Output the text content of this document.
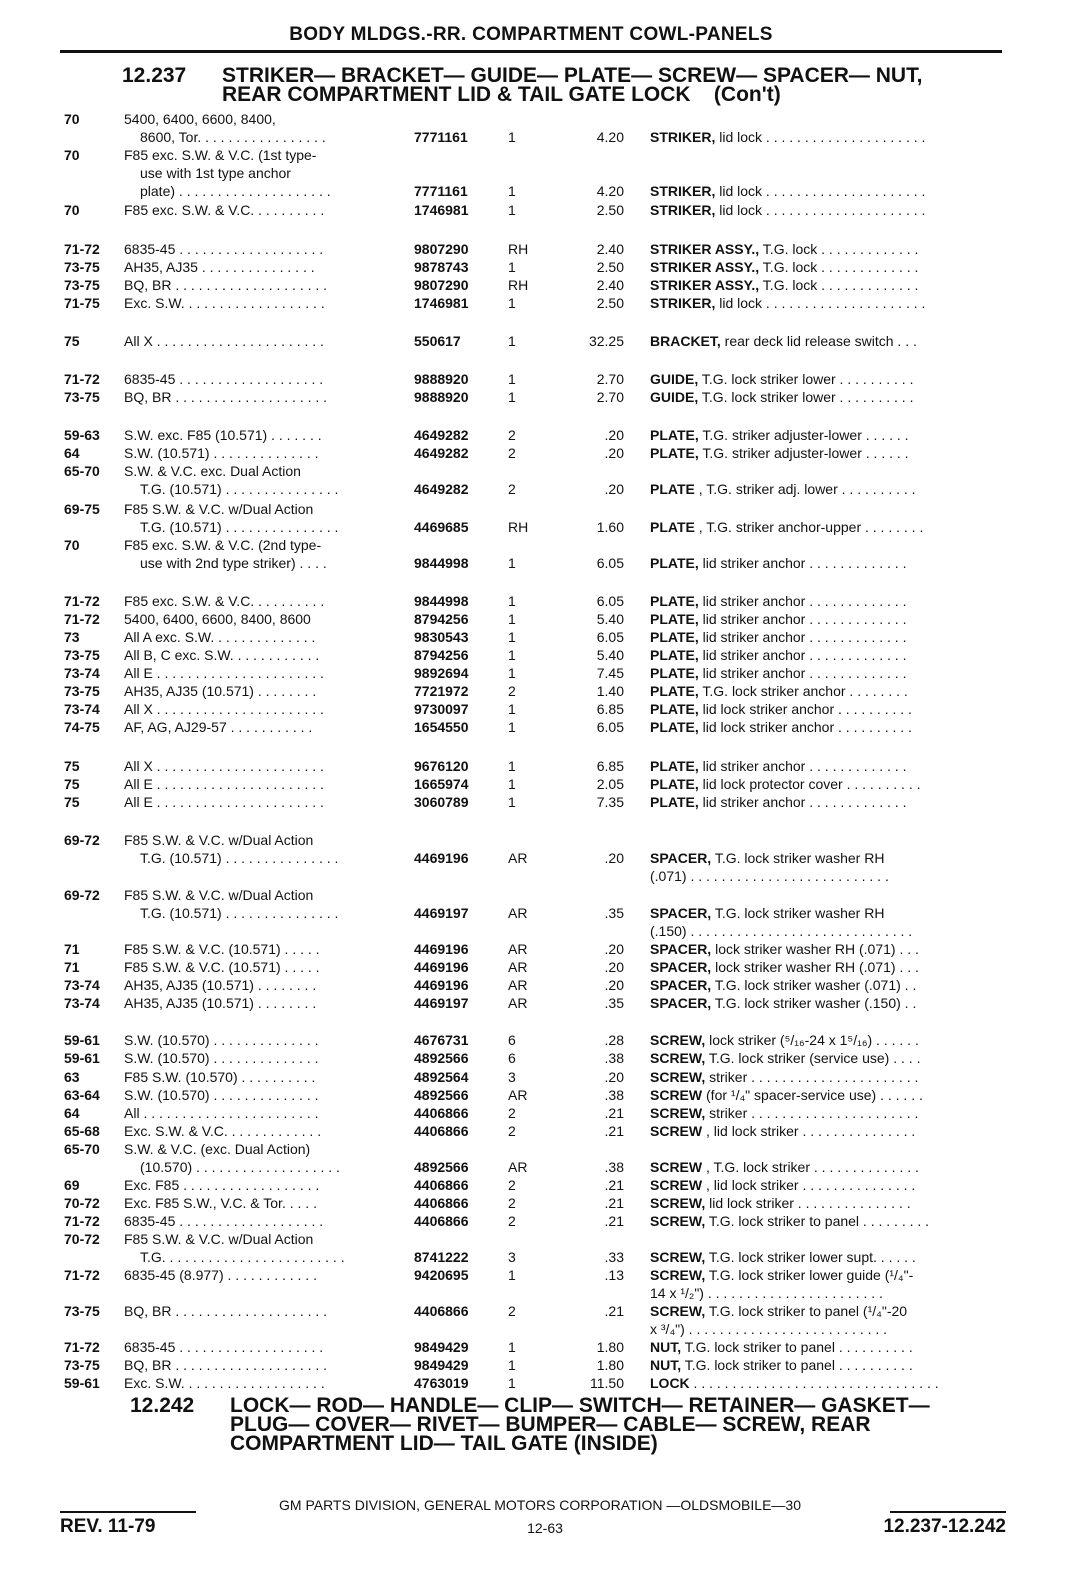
BODY MLDGS.-RR. COMPARTMENT COWL-PANELS
12.237 STRIKER— BRACKET— GUIDE— PLATE— SCREW— SPACER— NUT,
REAR COMPARTMENT LID & TAIL GATE LOCK    (Con't)
12.242 LOCK— ROD— HANDLE— CLIP— SWITCH— RETAINER— GASKET—
PLUG— COVER— RIVET— BUMPER— CABLE— SCREW, REAR
COMPARTMENT LID— TAIL GATE (INSIDE)
70	5400, 6400, 6600, 8400,
8600, Tor. . . . . . . . . . . . . . . . .	7771161	1	4.20 STRIKER, lid lock . . . . . . . . . . . . . . . . . . . . .
70	F85 exc. S.W. & V.C. (1st type-
use with 1st type anchor
plate) . . . . . . . . . . . . . . . . . . . .	7771161	1	4.20 STRIKER, lid lock . . . . . . . . . . . . . . . . . . . . .
70	F85 exc. S.W. & V.C. . . . . . . . . .	1746981	1	2.50 STRIKER, lid lock . . . . . . . . . . . . . . . . . . . . .
71-72 6835-45 . . . . . . . . . . . . . . . . . . .	9807290	RH	2.40 STRIKER ASSY., T.G. lock . . . . . . . . . . . . .
73-75 AH35, AJ35 . . . . . . . . . . . . . . .	9878743	1	2.50 STRIKER ASSY., T.G. lock . . . . . . . . . . . . .
73-75 BQ, BR . . . . . . . . . . . . . . . . . . . .	9807290	RH	2.40 STRIKER ASSY., T.G. lock . . . . . . . . . . . . .
71-75 Exc. S.W. . . . . . . . . . . . . . . . . . .	1746981	1	2.50 STRIKER, lid lock . . . . . . . . . . . . . . . . . . . . .
75	All X . . . . . . . . . . . . . . . . . . . . . .	550617	1	32.25 BRACKET, rear deck lid release switch . . .
71-72 6835-45 . . . . . . . . . . . . . . . . . . .	9888920	1	2.70 GUIDE, T.G. lock striker lower . . . . . . . . . .
73-75 BQ, BR . . . . . . . . . . . . . . . . . . . .	9888920	1	2.70 GUIDE, T.G. lock striker lower . . . . . . . . . .
59-63 S.W. exc. F85 (10.571) . . . . . . .	4649282	2	.20 PLATE, T.G. striker adjuster-lower . . . . . .
64	S.W. (10.571) . . . . . . . . . . . . . .	4649282	2	.20 PLATE, T.G. striker adjuster-lower . . . . . .
65-70 S.W. & V.C. exc. Dual Action
T.G. (10.571) . . . . . . . . . . . . . . .	4649282	2	.20 PLATE , T.G. striker adj. lower . . . . . . . . . .
69-75 F85 S.W. & V.C. w/Dual Action
T.G. (10.571) . . . . . . . . . . . . . . .	4469685	RH	1.60 PLATE , T.G. striker anchor-upper . . . . . . . .
70	F85 exc. S.W. & V.C. (2nd type-
use with 2nd type striker) . . . .	9844998	1	6.05 PLATE, lid striker anchor . . . . . . . . . . . . .
71-72 F85 exc. S.W. & V.C. . . . . . . . . .	9844998	1	6.05 PLATE, lid striker anchor . . . . . . . . . . . . .
71-72 5400, 6400, 6600, 8400, 8600	8794256	1	5.40 PLATE, lid striker anchor . . . . . . . . . . . . .
73	All A exc. S.W. . . . . . . . . . . . . .	9830543	1	6.05 PLATE, lid striker anchor . . . . . . . . . . . . .
73-75 All B, C exc. S.W. . . . . . . . . . . .	8794256	1	5.40 PLATE, lid striker anchor . . . . . . . . . . . . .
73-74 All E . . . . . . . . . . . . . . . . . . . . . .	9892694	1	7.45 PLATE, lid striker anchor . . . . . . . . . . . . .
73-75 AH35, AJ35 (10.571) . . . . . . . .	7721972	2	1.40 PLATE, T.G. lock striker anchor . . . . . . . .
73-74 All X . . . . . . . . . . . . . . . . . . . . . .	9730097	1	6.85 PLATE, lid lock striker anchor . . . . . . . . . .
74-75 AF, AG, AJ29-57 . . . . . . . . . . .	1654550	1	6.05 PLATE, lid lock striker anchor . . . . . . . . . .
75	All X . . . . . . . . . . . . . . . . . . . . . .	9676120	1	6.85 PLATE, lid striker anchor . . . . . . . . . . . . .
75	All E . . . . . . . . . . . . . . . . . . . . . .	1665974	1	2.05 PLATE, lid lock protector cover . . . . . . . . . .
75	All E . . . . . . . . . . . . . . . . . . . . . .	3060789	1	7.35 PLATE, lid striker anchor . . . . . . . . . . . . .
69-72 F85 S.W. & V.C. w/Dual Action
T.G. (10.571) . . . . . . . . . . . . . . .	4469196	AR	.20 SPACER, T.G. lock striker washer RH
(.071) . . . . . . . . . . . . . . . . . . . . . . . . . .
69-72 F85 S.W. & V.C. w/Dual Action
T.G. (10.571) . . . . . . . . . . . . . . .	4469197	AR	.35 SPACER, T.G. lock striker washer RH
(.150) . . . . . . . . . . . . . . . . . . . . . . . . . . . . .
71	F85 S.W. & V.C. (10.571) . . . . .	4469196	AR	.20 SPACER, lock striker washer RH (.071) . . .
71	F85 S.W. & V.C. (10.571) . . . . .	4469196	AR	.20 SPACER, lock striker washer RH (.071) . . .
73-74 AH35, AJ35 (10.571) . . . . . . . .	4469196	AR	.20 SPACER, T.G. lock striker washer (.071) . .
73-74 AH35, AJ35 (10.571) . . . . . . . .	4469197	AR	.35 SPACER, T.G. lock striker washer (.150) . .
59-61 S.W. (10.570) . . . . . . . . . . . . . .	4676731	6	.28 SCREW, lock striker (⁵/₁₆-24 x 1⁵/₁₆) . . . . . .
59-61 S.W. (10.570) . . . . . . . . . . . . . .	4892566	6	.38 SCREW, T.G. lock striker (service use) . . . .
63	F85 S.W. (10.570) . . . . . . . . . .	4892564	3	.20 SCREW, striker . . . . . . . . . . . . . . . . . . . . . .
63-64 S.W. (10.570) . . . . . . . . . . . . . .	4892566	AR	.38 SCREW (for ¹/₄" spacer-service use) . . . . . .
64	All . . . . . . . . . . . . . . . . . . . . . . .	4406866	2	.21 SCREW, striker . . . . . . . . . . . . . . . . . . . . . .
65-68 Exc. S.W. & V.C. . . . . . . . . . . . .	4406866	2	.21 SCREW , lid lock striker . . . . . . . . . . . . . . .
65-70 S.W. & V.C. (exc. Dual Action)
(10.570) . . . . . . . . . . . . . . . . . . .	4892566	AR	.38 SCREW , T.G. lock striker . . . . . . . . . . . . . .
69	Exc. F85 . . . . . . . . . . . . . . . . . .	4406866	2	.21 SCREW , lid lock striker . . . . . . . . . . . . . . .
70-72 Exc. F85 S.W., V.C. & Tor. . . . .	4406866	2	.21 SCREW, lid lock striker . . . . . . . . . . . . . . .
71-72 6835-45 . . . . . . . . . . . . . . . . . . .	4406866	2	.21 SCREW, T.G. lock striker to panel . . . . . . . . .
70-72 F85 S.W. & V.C. w/Dual Action
T.G. . . . . . . . . . . . . . . . . . . . . . . .	8741222	3	.33 SCREW, T.G. lock striker lower supt. . . . . .
71-72 6835-45 (8.977) . . . . . . . . . . . .	9420695	1	.13 SCREW, T.G. lock striker lower guide (¹/₄"-
14 x ¹/₂") . . . . . . . . . . . . . . . . . . . . . . .
73-75 BQ, BR . . . . . . . . . . . . . . . . . . . .	4406866	2	.21 SCREW, T.G. lock striker to panel (¹/₄"-20
x ³/₄") . . . . . . . . . . . . . . . . . . . . . . . . . .
71-72 6835-45 . . . . . . . . . . . . . . . . . . .	9849429	1	1.80 NUT, T.G. lock striker to panel . . . . . . . . . .
73-75 BQ, BR . . . . . . . . . . . . . . . . . . . .	9849429	1	1.80 NUT, T.G. lock striker to panel . . . . . . . . . .
59-61 Exc. S.W. . . . . . . . . . . . . . . . . . .	4763019	1	11.50 LOCK . . . . . . . . . . . . . . . . . . . . . . . . . . . . . . . .
GM PARTS DIVISION, GENERAL MOTORS CORPORATION —OLDSMOBILE—30
REV. 11-79	12-63	12.237-12.242
